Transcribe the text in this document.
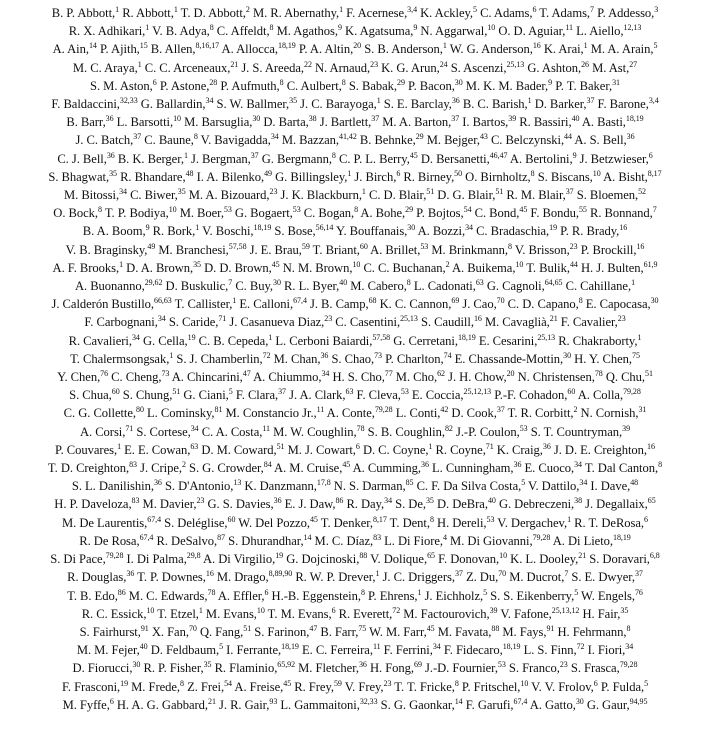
B. P. Abbott,$^1$ R. Abbott,$^1$ T. D. Abbott,$^2$ M. R. Abernathy,$^1$ F. Acernese,$^{3,4}$ K. Ackley,$^5$ C. Adams,$^6$ T. Adams,$^7$ P. Addesso,$^3$
R. X. Adhikari,$^1$ V. B. Adya,$^8$ C. Affeldt,$^8$ M. Agathos,$^9$ K. Agatsuma,$^9$ N. Aggarwal,$^{10}$ O. D. Aguiar,$^{11}$ L. Aiello,$^{12,13}$
A. Ain,$^{14}$ P. Ajith,$^{15}$ B. Allen,$^{8,16,17}$ A. Allocca,$^{18,19}$ P. A. Altin,$^{20}$ S. B. Anderson,$^1$ W. G. Anderson,$^{16}$ K. Arai,$^1$ M. A. Arain,$^5$
M. C. Araya,$^1$ C. C. Arceneaux,$^{21}$ J. S. Areeda,$^{22}$ N. Arnaud,$^{23}$ K. G. Arun,$^{24}$ S. Ascenzi,$^{25,13}$ G. Ashton,$^{26}$ M. Ast,$^{27}$
S. M. Aston,$^6$ P. Astone,$^{28}$ P. Aufmuth,$^8$ C. Aulbert,$^8$ S. Babak,$^{29}$ P. Bacon,$^{30}$ M. K. M. Bader,$^9$ P. T. Baker,$^{31}$
F. Baldaccini,$^{32,33}$ G. Ballardin,$^{34}$ S. W. Ballmer,$^{35}$ J. C. Barayoga,$^1$ S. E. Barclay,$^{36}$ B. C. Barish,$^1$ D. Barker,$^{37}$ F. Barone,$^{3,4}$
B. Barr,$^{36}$ L. Barsotti,$^{10}$ M. Barsuglia,$^{30}$ D. Barta,$^{38}$ J. Bartlett,$^{37}$ M. A. Barton,$^{37}$ I. Bartos,$^{39}$ R. Bassiri,$^{40}$ A. Basti,$^{18,19}$
J. C. Batch,$^{37}$ C. Baune,$^8$ V. Bavigadda,$^{34}$ M. Bazzan,$^{41,42}$ B. Behnke,$^{29}$ M. Bejger,$^{43}$ C. Belczynski,$^{44}$ A. S. Bell,$^{36}$
C. J. Bell,$^{36}$ B. K. Berger,$^1$ J. Bergman,$^{37}$ G. Bergmann,$^8$ C. P. L. Berry,$^{45}$ D. Bersanetti,$^{46,47}$ A. Bertolini,$^9$ J. Betzwieser,$^6$
S. Bhagwat,$^{35}$ R. Bhandare,$^{48}$ I. A. Bilenko,$^{49}$ G. Billingsley,$^1$ J. Birch,$^6$ R. Birney,$^{50}$ O. Birnholtz,$^8$ S. Biscans,$^{10}$ A. Bisht,$^{8,17}$
M. Bitossi,$^{34}$ C. Biwer,$^{35}$ M. A. Bizouard,$^{23}$ J. K. Blackburn,$^1$ C. D. Blair,$^{51}$ D. G. Blair,$^{51}$ R. M. Blair,$^{37}$ S. Bloemen,$^{52}$
O. Bock,$^8$ T. P. Bodiya,$^{10}$ M. Boer,$^{53}$ G. Bogaert,$^{53}$ C. Bogan,$^8$ A. Bohe,$^{29}$ P. Bojtos,$^{54}$ C. Bond,$^{45}$ F. Bondu,$^{55}$ R. Bonnand,$^7$
B. A. Boom,$^9$ R. Bork,$^1$ V. Boschi,$^{18,19}$ S. Bose,$^{56,14}$ Y. Bouffanais,$^{30}$ A. Bozzi,$^{34}$ C. Bradaschia,$^{19}$ P. R. Brady,$^{16}$
V. B. Braginsky,$^{49}$ M. Branchesi,$^{57,58}$ J. E. Brau,$^{59}$ T. Briant,$^{60}$ A. Brillet,$^{53}$ M. Brinkmann,$^8$ V. Brisson,$^{23}$ P. Brockill,$^{16}$
A. F. Brooks,$^1$ D. A. Brown,$^{35}$ D. D. Brown,$^{45}$ N. M. Brown,$^{10}$ C. C. Buchanan,$^2$ A. Buikema,$^{10}$ T. Bulik,$^{44}$ H. J. Bulten,$^{61,9}$
A. Buonanno,$^{29,62}$ D. Buskulic,$^7$ C. Buy,$^{30}$ R. L. Byer,$^{40}$ M. Cabero,$^8$ L. Cadonati,$^{63}$ G. Cagnoli,$^{64,65}$ C. Cahillane,$^1$
J. Calderón Bustillo,$^{66,63}$ T. Callister,$^1$ E. Calloni,$^{67,4}$ J. B. Camp,$^{68}$ K. C. Cannon,$^{69}$ J. Cao,$^{70}$ C. D. Capano,$^8$ E. Capocasa,$^{30}$
F. Carbognani,$^{34}$ S. Caride,$^{71}$ J. Casanueva Diaz,$^{23}$ C. Casentini,$^{25,13}$ S. Caudill,$^{16}$ M. Cavaglià,$^{21}$ F. Cavalier,$^{23}$
R. Cavalieri,$^{34}$ G. Cella,$^{19}$ C. B. Cepeda,$^1$ L. Cerboni Baiardi,$^{57,58}$ G. Cerretani,$^{18,19}$ E. Cesarini,$^{25,13}$ R. Chakraborty,$^1$
T. Chalermsongsak,$^1$ S. J. Chamberlin,$^{72}$ M. Chan,$^{36}$ S. Chao,$^{73}$ P. Charlton,$^{74}$ E. Chassande-Mottin,$^{30}$ H. Y. Chen,$^{75}$
Y. Chen,$^{76}$ C. Cheng,$^{73}$ A. Chincarini,$^{47}$ A. Chiummo,$^{34}$ H. S. Cho,$^{77}$ M. Cho,$^{62}$ J. H. Chow,$^{20}$ N. Christensen,$^{78}$ Q. Chu,$^{51}$
S. Chua,$^{60}$ S. Chung,$^{51}$ G. Ciani,$^5$ F. Clara,$^{37}$ J. A. Clark,$^{63}$ F. Cleva,$^{53}$ E. Coccia,$^{25,12,13}$ P.-F. Cohadon,$^{60}$ A. Colla,$^{79,28}$
C. G. Collette,$^{80}$ L. Cominsky,$^{81}$ M. Constancio Jr.,$^{11}$ A. Conte,$^{79,28}$ L. Conti,$^{42}$ D. Cook,$^{37}$ T. R. Corbitt,$^2$ N. Cornish,$^{31}$
A. Corsi,$^{71}$ S. Cortese,$^{34}$ C. A. Costa,$^{11}$ M. W. Coughlin,$^{78}$ S. B. Coughlin,$^{82}$ J.-P. Coulon,$^{53}$ S. T. Countryman,$^{39}$
P. Couvares,$^1$ E. E. Cowan,$^{63}$ D. M. Coward,$^{51}$ M. J. Cowart,$^6$ D. C. Coyne,$^1$ R. Coyne,$^{71}$ K. Craig,$^{36}$ J. D. E. Creighton,$^{16}$
T. D. Creighton,$^{83}$ J. Cripe,$^2$ S. G. Crowder,$^{84}$ A. M. Cruise,$^{45}$ A. Cumming,$^{36}$ L. Cunningham,$^{36}$ E. Cuoco,$^{34}$ T. Dal Canton,$^8$
S. L. Danilishin,$^{36}$ S. D'Antonio,$^{13}$ K. Danzmann,$^{17,8}$ N. S. Darman,$^{85}$ C. F. Da Silva Costa,$^5$ V. Dattilo,$^{34}$ I. Dave,$^{48}$
H. P. Daveloza,$^{83}$ M. Davier,$^{23}$ G. S. Davies,$^{36}$ E. J. Daw,$^{86}$ R. Day,$^{34}$ S. De,$^{35}$ D. DeBra,$^{40}$ G. Debreczeni,$^{38}$ J. Degallaix,$^{65}$
M. De Laurentis,$^{67,4}$ S. Deléglise,$^{60}$ W. Del Pozzo,$^{45}$ T. Denker,$^{8,17}$ T. Dent,$^8$ H. Dereli,$^{53}$ V. Dergachev,$^1$ R. T. DeRosa,$^6$
R. De Rosa,$^{67,4}$ R. DeSalvo,$^{87}$ S. Dhurandhar,$^{14}$ M. C. Díaz,$^{83}$ L. Di Fiore,$^4$ M. Di Giovanni,$^{79,28}$ A. Di Lieto,$^{18,19}$
S. Di Pace,$^{79,28}$ I. Di Palma,$^{29,8}$ A. Di Virgilio,$^{19}$ G. Dojcinoski,$^{88}$ V. Dolique,$^{65}$ F. Donovan,$^{10}$ K. L. Dooley,$^{21}$ S. Doravari,$^{6,8}$
R. Douglas,$^{36}$ T. P. Downes,$^{16}$ M. Drago,$^{8,89,90}$ R. W. P. Drever,$^1$ J. C. Driggers,$^{37}$ Z. Du,$^{70}$ M. Ducrot,$^7$ S. E. Dwyer,$^{37}$
T. B. Edo,$^{86}$ M. C. Edwards,$^{78}$ A. Effler,$^6$ H.-B. Eggenstein,$^8$ P. Ehrens,$^1$ J. Eichholz,$^5$ S. S. Eikenberry,$^5$ W. Engels,$^{76}$
R. C. Essick,$^{10}$ T. Etzel,$^1$ M. Evans,$^{10}$ T. M. Evans,$^6$ R. Everett,$^{72}$ M. Factourovich,$^{39}$ V. Fafone,$^{25,13,12}$ H. Fair,$^{35}$
S. Fairhurst,$^{91}$ X. Fan,$^{70}$ Q. Fang,$^{51}$ S. Farinon,$^{47}$ B. Farr,$^{75}$ W. M. Farr,$^{45}$ M. Favata,$^{88}$ M. Fays,$^{91}$ H. Fehrmann,$^8$
M. M. Fejer,$^{40}$ D. Feldbaum,$^5$ I. Ferrante,$^{18,19}$ E. C. Ferreira,$^{11}$ F. Ferrini,$^{34}$ F. Fidecaro,$^{18,19}$ L. S. Finn,$^{72}$ I. Fiori,$^{34}$
D. Fiorucci,$^{30}$ R. P. Fisher,$^{35}$ R. Flaminio,$^{65,92}$ M. Fletcher,$^{36}$ H. Fong,$^{69}$ J.-D. Fournier,$^{53}$ S. Franco,$^{23}$ S. Frasca,$^{79,28}$
F. Frasconi,$^{19}$ M. Frede,$^8$ Z. Frei,$^{54}$ A. Freise,$^{45}$ R. Frey,$^{59}$ V. Frey,$^{23}$ T. T. Fricke,$^8$ P. Fritschel,$^{10}$ V. V. Frolov,$^6$ P. Fulda,$^5$
M. Fyffe,$^6$ H. A. G. Gabbard,$^{21}$ J. R. Gair,$^{93}$ L. Gammaitoni,$^{32,33}$ S. G. Gaonkar,$^{14}$ F. Garufi,$^{67,4}$ A. Gatto,$^{30}$ G. Gaur,$^{94,95}$
